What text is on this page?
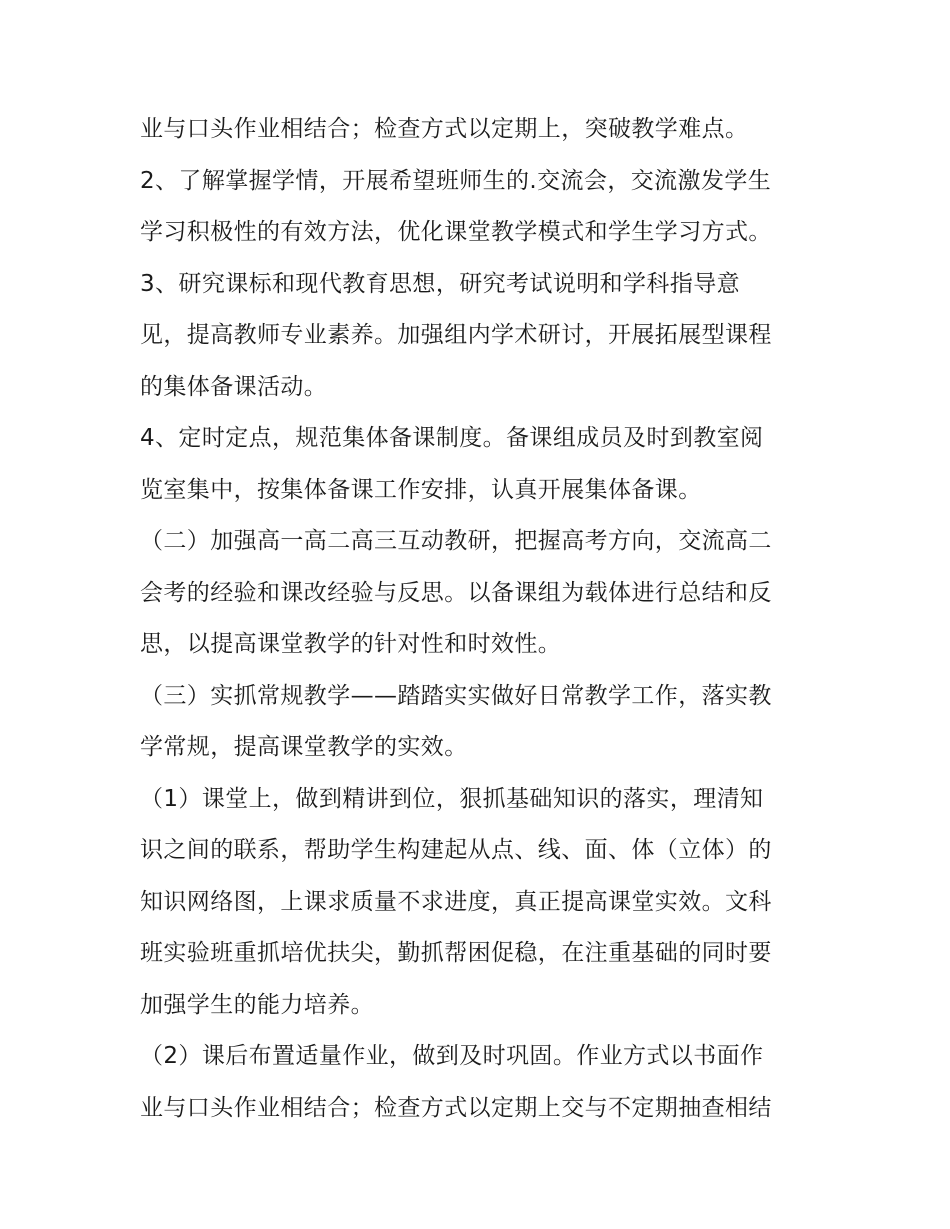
业与口头作业相结合；检查方式以定期上，突破教学难点。
2、了解掌握学情，开展希望班师生的.交流会，交流激发学生
学习积极性的有效方法，优化课堂教学模式和学生学习方式。
3、研究课标和现代教育思想，研究考试说明和学科指导意
见，提高教师专业素养。加强组内学术研讨，开展拓展型课程
的集体备课活动。
4、定时定点，规范集体备课制度。备课组成员及时到教室阅
览室集中，按集体备课工作安排，认真开展集体备课。
（二）加强高一高二高三互动教研，把握高考方向，交流高二
会考的经验和课改经验与反思。以备课组为载体进行总结和反
思，以提高课堂教学的针对性和时效性。
（三）实抓常规教学——踏踏实实做好日常教学工作，落实教
学常规，提高课堂教学的实效。
（1）课堂上，做到精讲到位，狠抓基础知识的落实，理清知
识之间的联系，帮助学生构建起从点、线、面、体（立体）的
知识网络图，上课求质量不求进度，真正提高课堂实效。文科
班实验班重抓培优扶尖，勤抓帮困促稳，在注重基础的同时要
加强学生的能力培养。
（2）课后布置适量作业，做到及时巩固。作业方式以书面作
业与口头作业相结合；检查方式以定期上交与不定期抽查相结
